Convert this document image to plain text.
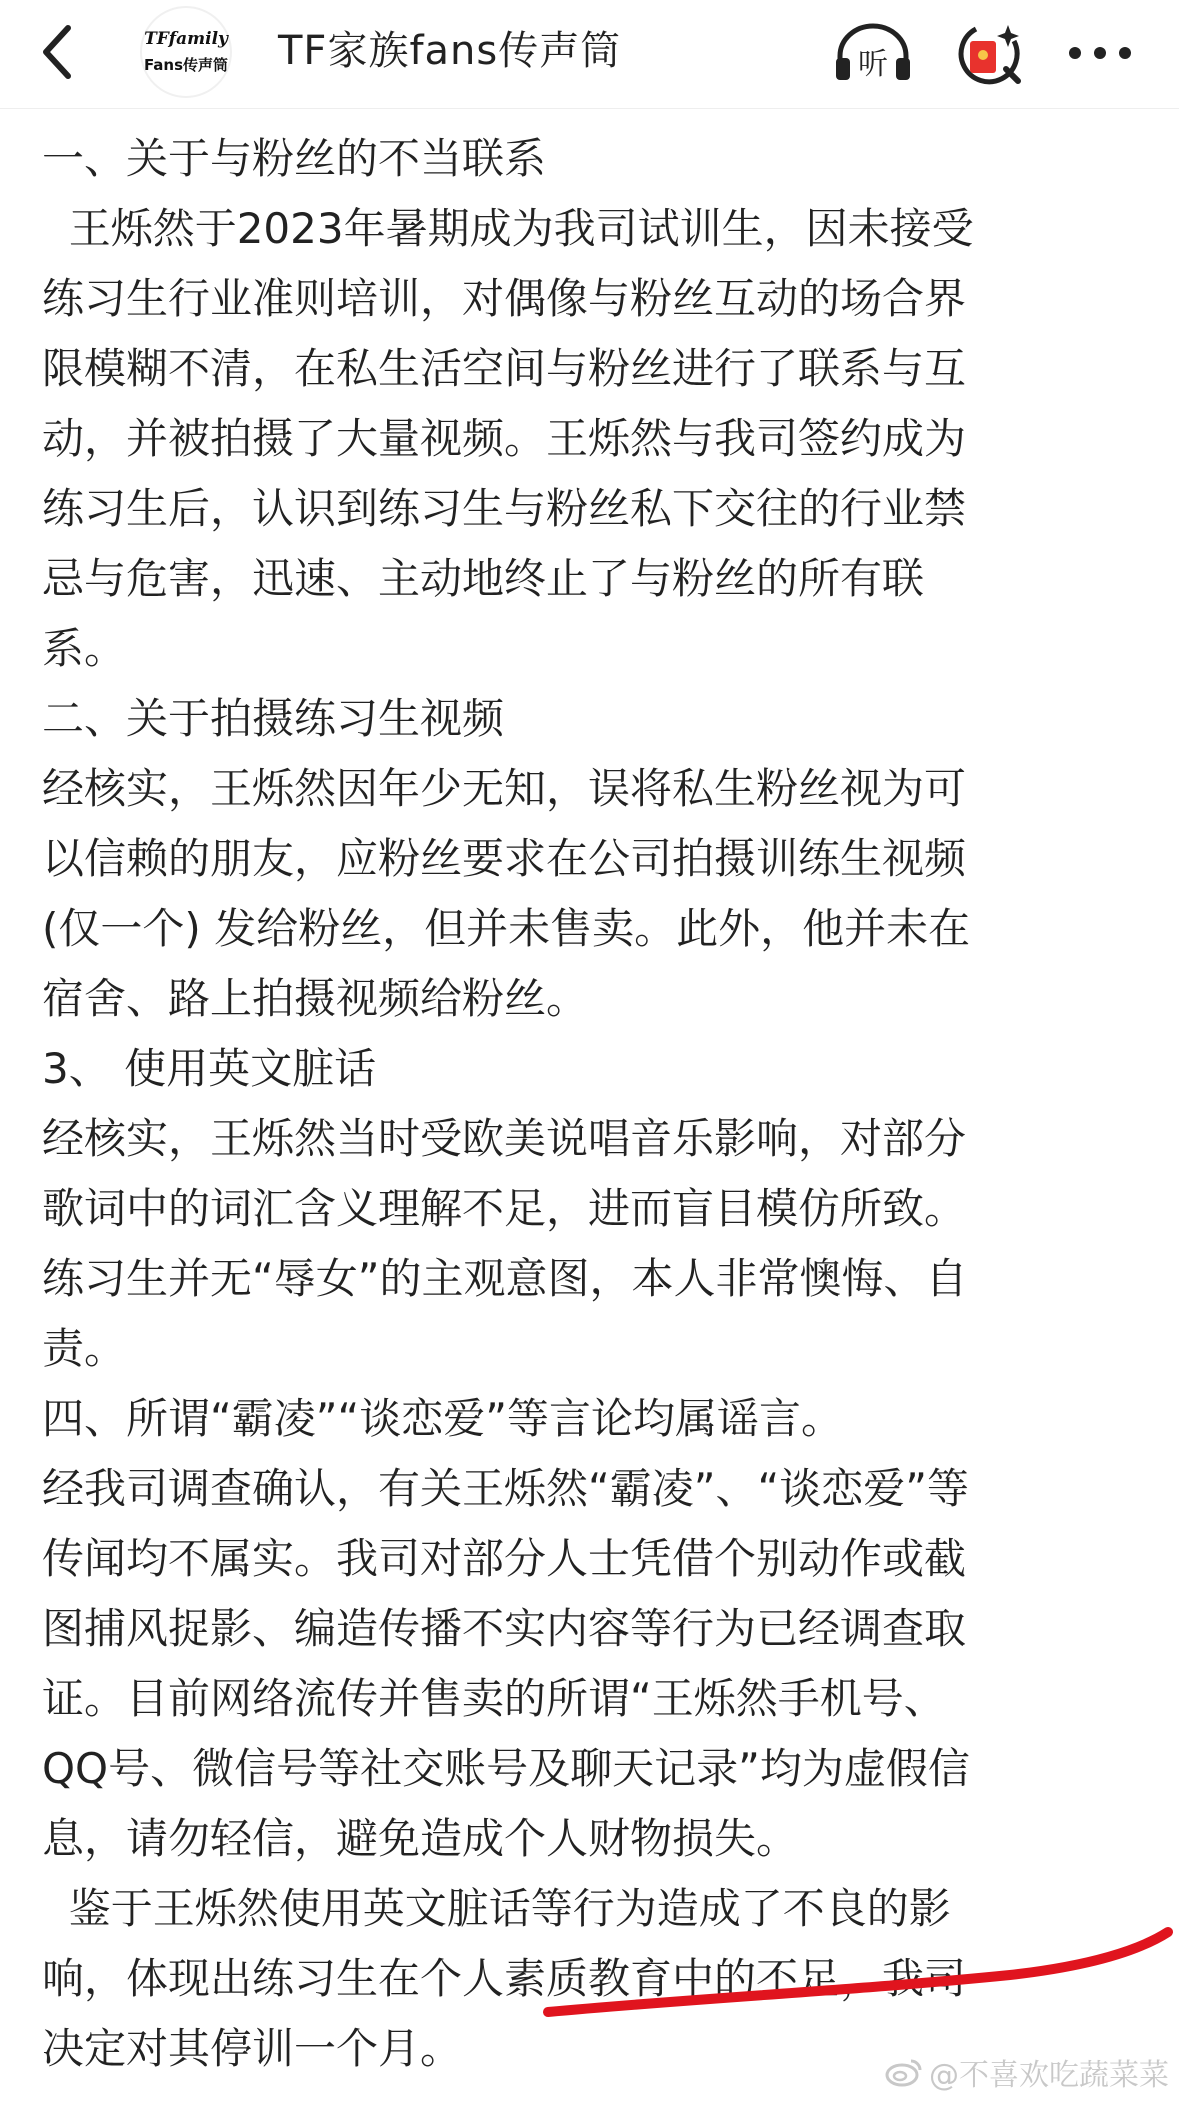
TFfamily
Fans传声筒 TF家族fans传声筒	听
一、关于与粉丝的不当联系
王烁然于2023年暑期成为我司试训生，因未接受
练习生行业准则培训，对偶像与粉丝互动的场合界
限模糊不清，在私生活空间与粉丝进行了联系与互
动，并被拍摄了大量视频。王烁然与我司签约成为
练习生后，认识到练习生与粉丝私下交往的行业禁
忌与危害，迅速、主动地终止了与粉丝的所有联
系。
二、关于拍摄练习生视频
经核实，王烁然因年少无知，误将私生粉丝视为可
以信赖的朋友，应粉丝要求在公司拍摄训练生视频
(仅一个) 发给粉丝，但并未售卖。此外，他并未在
宿舍、路上拍摄视频给粉丝。
3、 使用英文脏话
经核实，王烁然当时受欧美说唱音乐影响，对部分
歌词中的词汇含义理解不足，进而盲目模仿所致。
练习生并无“辱女”的主观意图，本人非常懊悔、自
责。
四、所谓“霸凌”“谈恋爱”等言论均属谣言。
经我司调查确认，有关王烁然“霸凌”、“谈恋爱”等
传闻均不属实。我司对部分人士凭借个别动作或截
图捕风捉影、编造传播不实内容等行为已经调查取
证。目前网络流传并售卖的所谓“王烁然手机号、
QQ号、微信号等社交账号及聊天记录”均为虚假信
息，请勿轻信，避免造成个人财物损失。
鉴于王烁然使用英文脏话等行为造成了不良的影
响，体现出练习生在个人素质教育中的不足，我司
决定对其停训一个月。
@不喜欢吃蔬菜菜
